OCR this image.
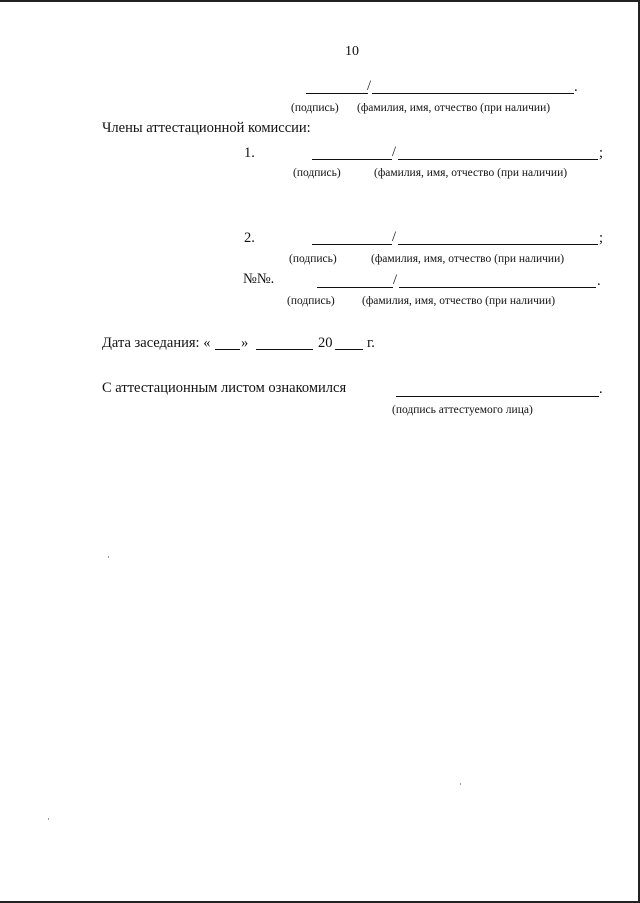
10
/	.
(подпись) (фамилия, имя, отчество (при наличии)
Члены аттестационной комиссии:
1.	/	;
(подпись)	(фамилия, имя, отчество (при наличии)
2.	/	;
(подпись)	(фамилия, имя, отчество (при наличии)
№№.	/	.
(подпись) (фамилия, имя, отчество (при наличии)
Дата заседания: « »	20 г.
С аттестационным листом ознакомился	.
(подпись аттестуемого лица)
